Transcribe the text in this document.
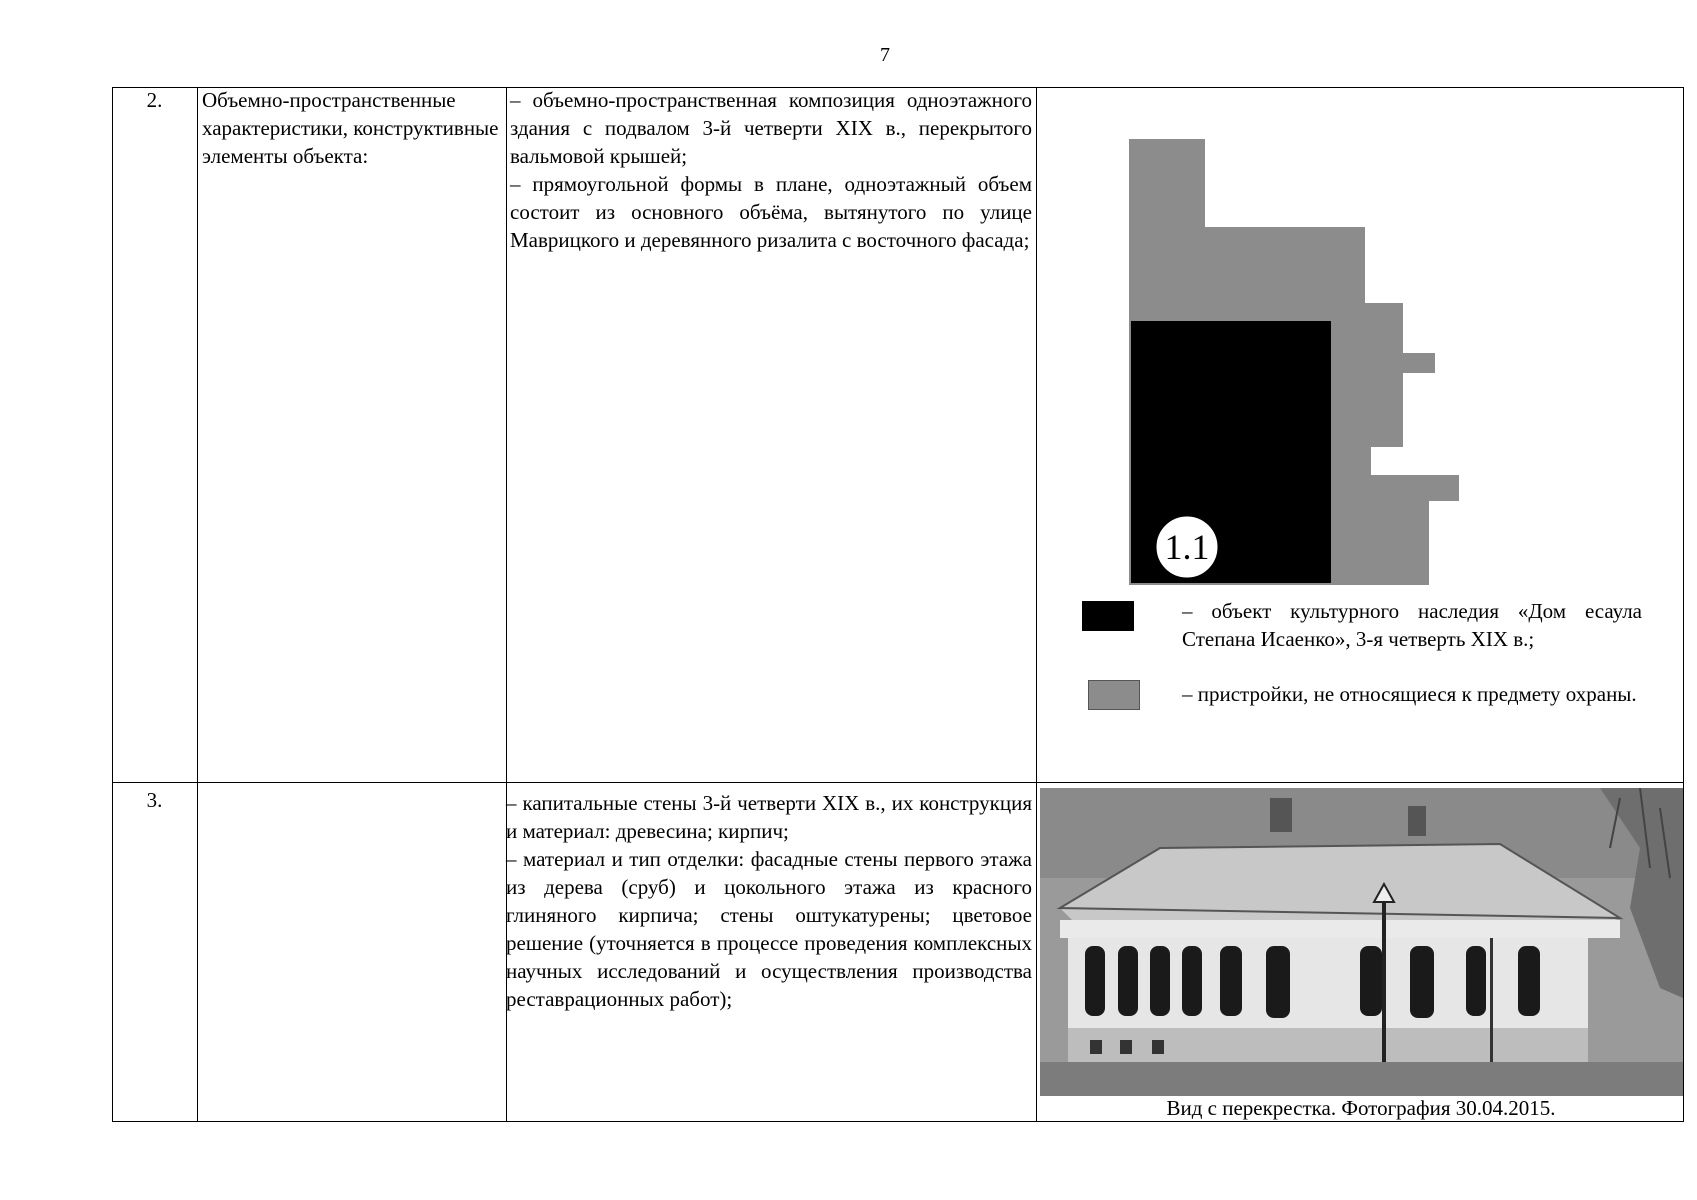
7
2.	Объемно-пространственные характеристики, конструктивные элементы объекта:
– объемно-пространственная композиция одноэтажного здания с подвалом 3-й четверти XIX в., перекрытого вальмовой крышей;
– прямоугольной формы в плане, одноэтажный объем состоит из основного объёма, вытянутого по улице Маврицкого и деревянного ризалита с восточного фасада;
1.1
– объект культурного наследия «Дом есаула Степана Исаенко», 3-я четверть XIX в.;
– пристройки, не относящиеся к предмету охраны.
3.	– капитальные стены 3-й четверти XIX в., их конструкция и материал: древесина; кирпич;
– материал и тип отделки: фасадные стены первого этажа из дерева (сруб) и цокольного этажа из красного глиняного кирпича; стены оштукатурены; цветовое решение (уточняется в процессе проведения комплексных научных исследований и осуществления производства реставрационных работ);
Вид с перекрестка. Фотография 30.04.2015.
